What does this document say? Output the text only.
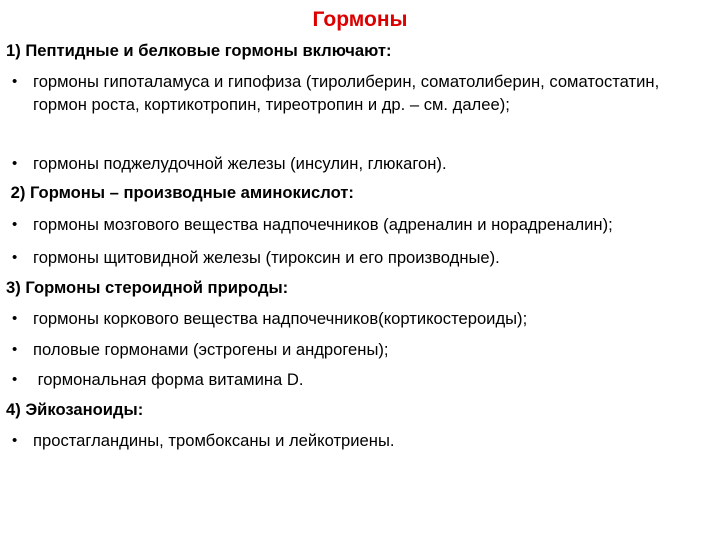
Гормоны
1) Пептидные и белковые гормоны включают:
• гормоны гипоталамуса и гипофиза (тиролиберин, соматолиберин, соматостатин, гормон роста, кортикотропин, тиреотропин и др. – см. далее);
• гормоны поджелудочной железы (инсулин, глюкагон).
2) Гормоны – производные аминокислот:
• гормоны мозгового вещества надпочечников (адреналин и норадреналин);
• гормоны щитовидной железы (тироксин и его производные).
3) Гормоны стероидной природы:
• гормоны коркового вещества надпочечников(кортикостероиды);
• половые гормонами (эстрогены и андрогены);
• гормональная форма витамина D.
4) Эйкозаноиды:
• простагландины, тромбоксаны и лейкотриены.
